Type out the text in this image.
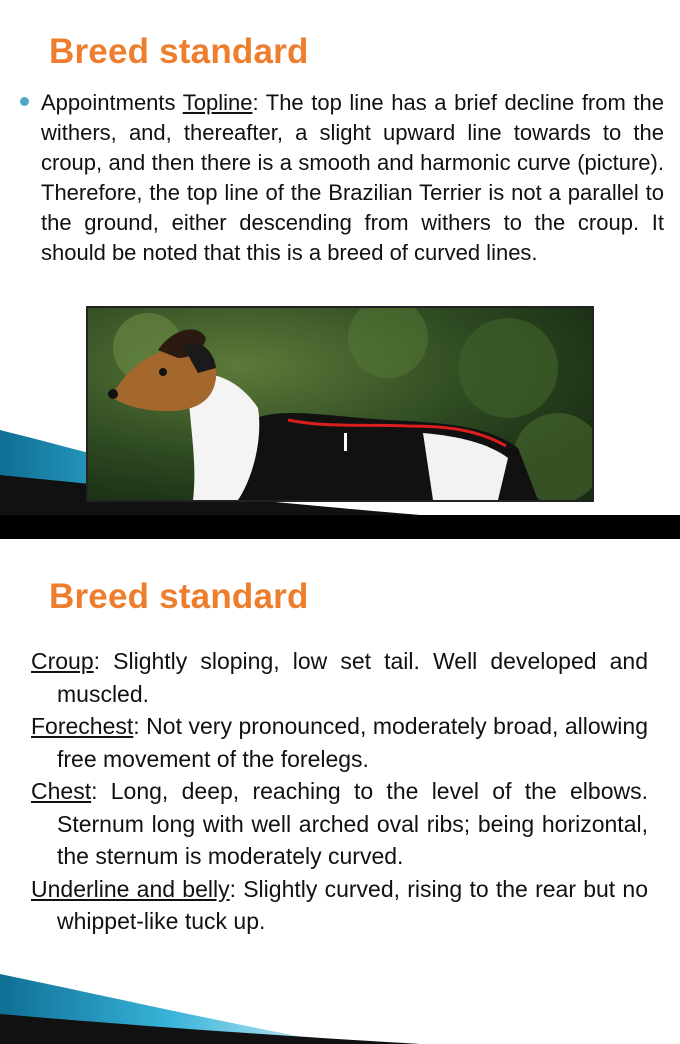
Breed standard
Appointments Topline: The top line has a brief decline from the withers, and, thereafter, a slight upward line towards to the croup, and then there is a smooth and harmonic curve (picture). Therefore, the top line of the Brazilian Terrier is not a parallel to the ground, either descending from withers to the croup. It should be noted that this is a breed of curved lines.
Breed standard

Croup: Slightly sloping, low set tail. Well developed and muscled.

Forechest: Not very pronounced, moderately broad, allowing free movement of the forelegs.

Chest: Long, deep, reaching to the level of the elbows. Sternum long with well arched oval ribs; being horizontal, the sternum is moderately curved.

Underline and belly: Slightly curved, rising to the rear but no whippet-like tuck up.
